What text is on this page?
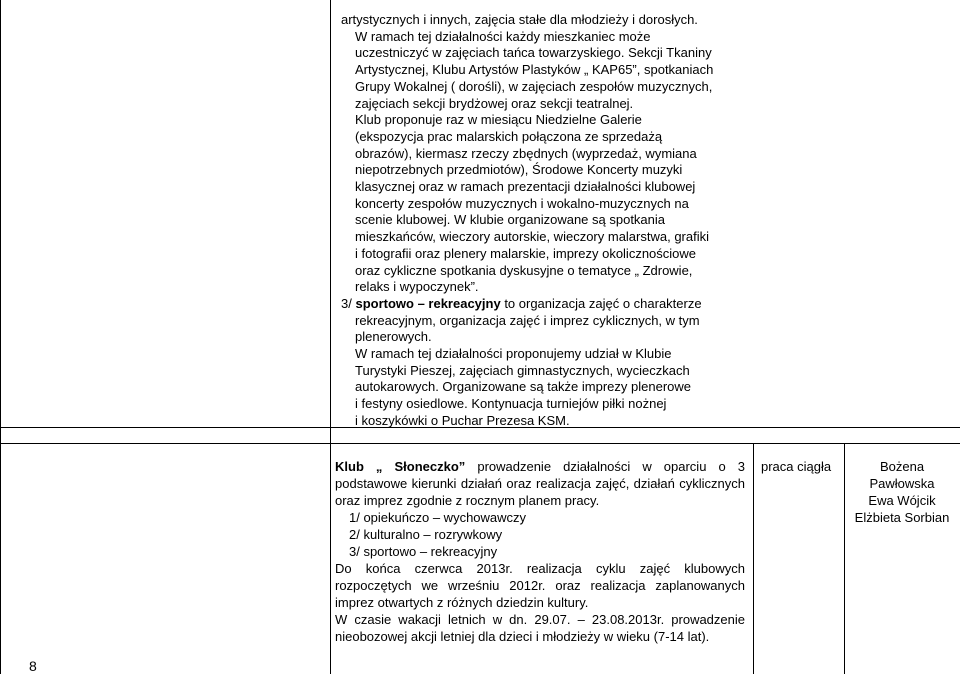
artystycznych i innych, zajęcia stałe dla młodzieży i dorosłych.

W ramach tej działalności każdy mieszkaniec może

uczestniczyć w zajęciach tańca towarzyskiego. Sekcji Tkaniny

Artystycznej, Klubu Artystów Plastyków „ KAP65”, spotkaniach

Grupy Wokalnej ( dorośli), w zajęciach zespołów muzycznych,

zajęciach sekcji brydżowej oraz sekcji teatralnej.

Klub proponuje raz w miesiącu Niedzielne Galerie

(ekspozycja prac malarskich połączona ze sprzedażą

obrazów), kiermasz rzeczy zbędnych (wyprzedaż, wymiana

niepotrzebnych przedmiotów), Środowe Koncerty muzyki

klasycznej oraz w ramach prezentacji działalności klubowej

koncerty zespołów muzycznych i wokalno-muzycznych na

scenie klubowej. W klubie organizowane są spotkania

mieszkańców, wieczory autorskie, wieczory malarstwa, grafiki

i fotografii oraz plenery malarskie, imprezy okolicznościowe

oraz cykliczne spotkania dyskusyjne o tematyce „ Zdrowie,

relaks i wypoczynek”.

3/ sportowo – rekreacyjny to organizacja zajęć o charakterze

rekreacyjnym, organizacja zajęć i imprez cyklicznych, w tym

plenerowych.

W ramach tej działalności proponujemy udział w Klubie

Turystyki Pieszej, zajęciach gimnastycznych, wycieczkach

autokarowych. Organizowane są także imprezy plenerowe

i festyny osiedlowe. Kontynuacja turniejów piłki nożnej

i koszykówki o Puchar Prezesa KSM.

8

Klub „ Słoneczko” prowadzenie działalności w oparciu o 3 podstawowe kierunki działań oraz realizacja zajęć, działań cyklicznych oraz imprez zgodnie z rocznym planem pracy.

1/ opiekuńczo – wychowawczy

2/ kulturalno – rozrywkowy

3/ sportowo – rekreacyjny

Do końca czerwca 2013r. realizacja cyklu zajęć klubowych rozpoczętych we wrześniu 2012r. oraz realizacja zaplanowanych imprez otwartych z różnych dziedzin kultury.

W czasie wakacji letnich w dn. 29.07. – 23.08.2013r. prowadzenie nieobozowej akcji letniej dla dzieci i młodzieży w wieku (7-14 lat).

praca ciągła	Bożena
Pawłowska
Ewa Wójcik
Elżbieta Sorbian
